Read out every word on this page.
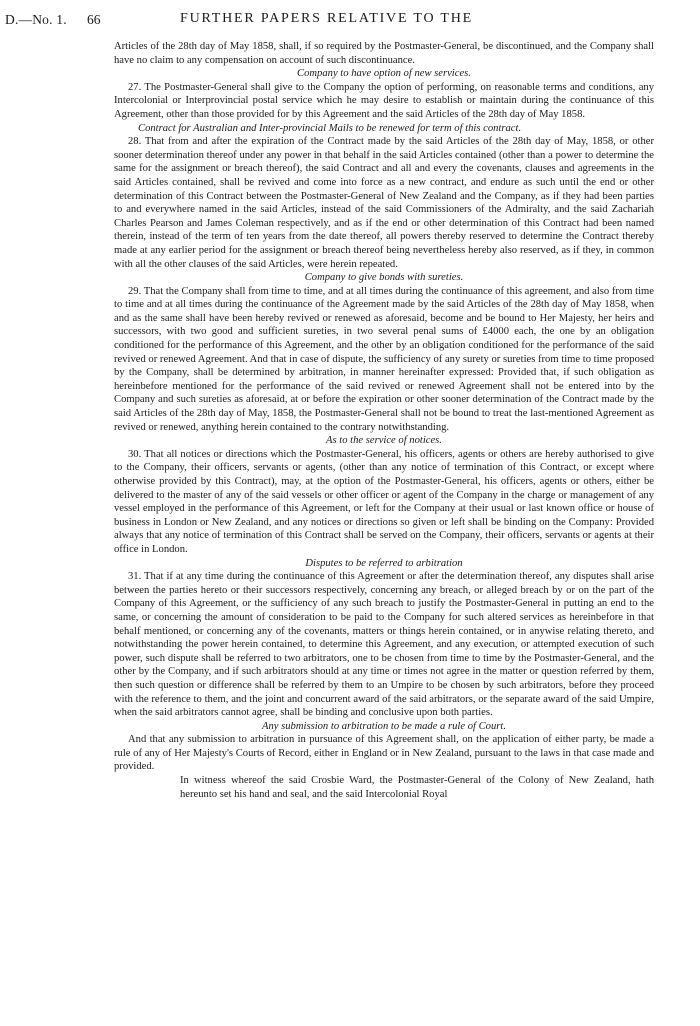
D.—No. 1. 66	FURTHER PAPERS RELATIVE TO THE

Articles of the 28th day of May 1858, shall, if so required by the Postmaster-General, be discontinued, and the Company shall have no claim to any compensation on account of such discontinuance.

Company to have option of new services.

27. The Postmaster-General shall give to the Company the option of performing, on reasonable terms and conditions, any Intercolonial or Interprovincial postal service which he may desire to establish or maintain during the continuance of this Agreement, other than those provided for by this Agreement and the said Articles of the 28th day of May 1858.

Contract for Australian and Inter-provincial Mails to be renewed for term of this contract.

28. That from and after the expiration of the Contract made by the said Articles of the 28th day of May, 1858, or other sooner determination thereof under any power in that behalf in the said Articles contained (other than a power to determine the same for the assignment or breach thereof), the said Contract and all and every the covenants, clauses and agreements in the said Articles contained, shall be revived and come into force as a new contract, and endure as such until the end or other determination of this Contract between the Postmaster-General of New Zealand and the Company, as if they had been parties to and everywhere named in the said Articles, instead of the said Commissioners of the Admiralty, and the said Zachariah Charles Pearson and James Coleman respectively, and as if the end or other determination of this Contract had been named therein, instead of the term of ten years from the date thereof, all powers thereby reserved to determine the Contract thereby made at any earlier period for the assignment or breach thereof being nevertheless hereby also reserved, as if they, in common with all the other clauses of the said Articles, were herein repeated.

Company to give bonds with sureties.

29. That the Company shall from time to time, and at all times during the continuance of this agreement, and also from time to time and at all times during the continuance of the Agreement made by the said Articles of the 28th day of May 1858, when and as the same shall have been hereby revived or renewed as aforesaid, become and be bound to Her Majesty, her heirs and successors, with two good and sufficient sureties, in two several penal sums of £4000 each, the one by an obligation conditioned for the performance of this Agreement, and the other by an obligation conditioned for the performance of the said revived or renewed Agreement. And that in case of dispute, the sufficiency of any surety or sureties from time to time proposed by the Company, shall be determined by arbitration, in manner hereinafter expressed: Provided that, if such obligation as hereinbefore mentioned for the performance of the said revived or renewed Agreement shall not be entered into by the Company and such sureties as aforesaid, at or before the expiration or other sooner determination of the Contract made by the said Articles of the 28th day of May, 1858, the Postmaster-General shall not be bound to treat the last-mentioned Agreement as revived or renewed, anything herein contained to the contrary notwithstanding.

As to the service of notices.

30. That all notices or directions which the Postmaster-General, his officers, agents or others are hereby authorised to give to the Company, their officers, servants or agents, (other than any notice of termination of this Contract, or except where otherwise provided by this Contract), may, at the option of the Postmaster-General, his officers, agents or others, either be delivered to the master of any of the said vessels or other officer or agent of the Company in the charge or management of any vessel employed in the performance of this Agreement, or left for the Company at their usual or last known office or house of business in London or New Zealand, and any notices or directions so given or left shall be binding on the Company: Provided always that any notice of termination of this Contract shall be served on the Company, their officers, servants or agents at their office in London.

Disputes to be referred to arbitration

31. That if at any time during the continuance of this Agreement or after the determination thereof, any disputes shall arise between the parties hereto or their successors respectively, concerning any breach, or alleged breach by or on the part of the Company of this Agreement, or the sufficiency of any such breach to justify the Postmaster-General in putting an end to the same, or concerning the amount of consideration to be paid to the Company for such altered services as hereinbefore in that behalf mentioned, or concerning any of the covenants, matters or things herein contained, or in anywise relating thereto, and notwithstanding the power herein contained, to determine this Agreement, and any execution, or attempted execution of such power, such dispute shall be referred to two arbitrators, one to be chosen from time to time by the Postmaster-General, and the other by the Company, and if such arbitrators should at any time or times not agree in the matter or question referred by them, then such question or difference shall be referred by them to an Umpire to be chosen by such arbitrators, before they proceed with the reference to them, and the joint and concurrent award of the said arbitrators, or the separate award of the said Umpire, when the said arbitrators cannot agree, shall be binding and conclusive upon both parties.

Any submission to arbitration to be made a rule of Court.

And that any submission to arbitration in pursuance of this Agreement shall, on the application of either party, be made a rule of any of Her Majesty's Courts of Record, either in England or in New Zealand, pursuant to the laws in that case made and provided.

In witness whereof the said Crosbie Ward, the Postmaster-General of the Colony of New Zealand, hath hereunto set his hand and seal, and the said Intercolonial Royal
